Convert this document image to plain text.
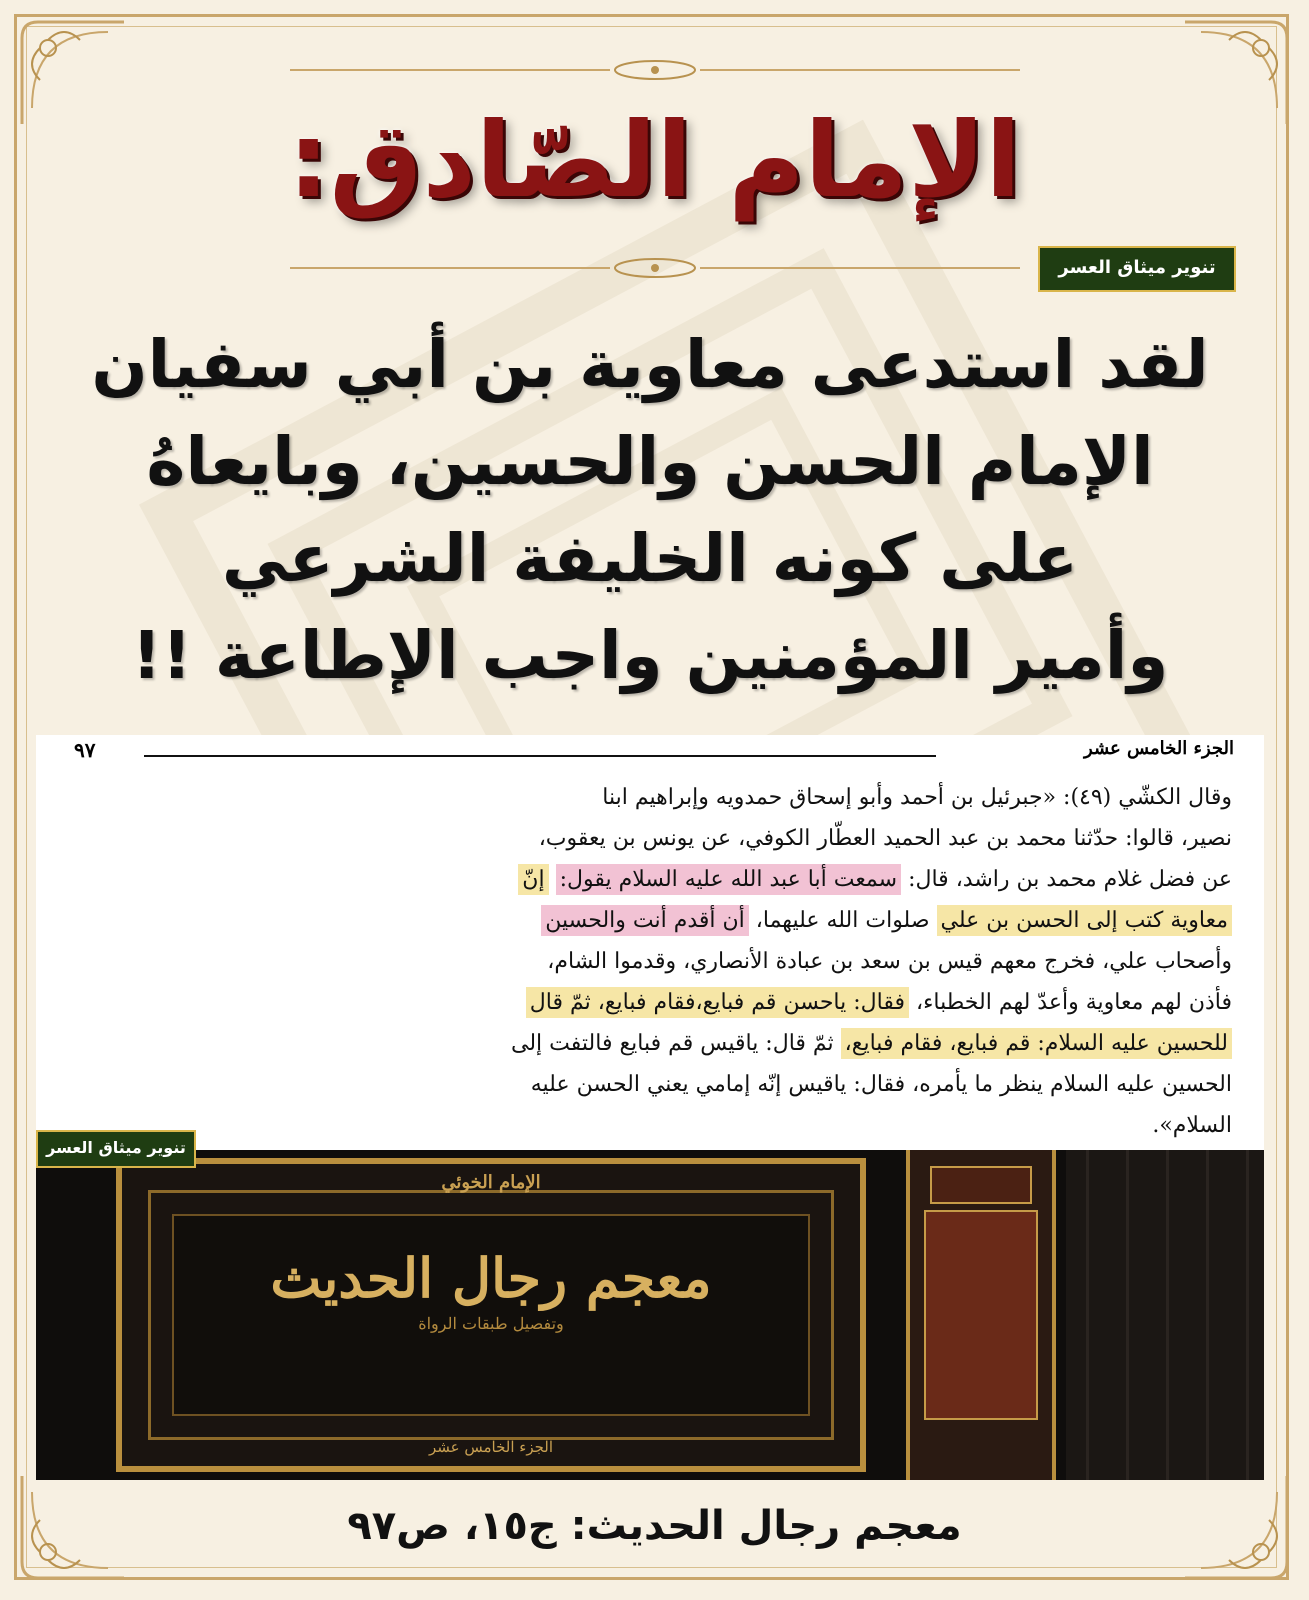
الإمام الصّادق:
تنوير ميثاق العسر
لقد استدعى معاوية بن أبي سفيان
الإمام الحسن والحسين، وبايعاهُ
على كونه الخليفة الشرعي
وأمير المؤمنين واجب الإطاعة !!
الجزء الخامس عشر
٩٧
وقال الكشّي (٤٩): «جبرئيل بن أحمد وأبو إسحاق حمدويه وإبراهيم ابنا
نصير، قالوا: حدّثنا محمد بن عبد الحميد العطّار الكوفي، عن يونس بن يعقوب،
عن فضل غلام محمد بن راشد، قال: سمعت أبا عبد الله عليه السلام يقول: إنّ
معاوية كتب إلى الحسن بن علي صلوات الله عليهما، أن أقدم أنت والحسين
وأصحاب علي، فخرج معهم قيس بن سعد بن عبادة الأنصاري، وقدموا الشام،
فأذن لهم معاوية وأعدّ لهم الخطباء، فقال: ياحسن قم فبايع،فقام فبايع، ثمّ قال
للحسين عليه السلام: قم فبايع، فقام فبايع، ثمّ قال: ياقيس قم فبايع فالتفت إلى
الحسين عليه السلام ينظر ما يأمره، فقال: ياقيس إنّه إمامي يعني الحسن عليه
السلام».
الإمام الخوئي
معجم رجال الحديث
وتفصيل طبقات الرواة
الجزء الخامس عشر
تنوير ميثاق العسر
معجم رجال الحديث: ج١٥، ص٩٧
